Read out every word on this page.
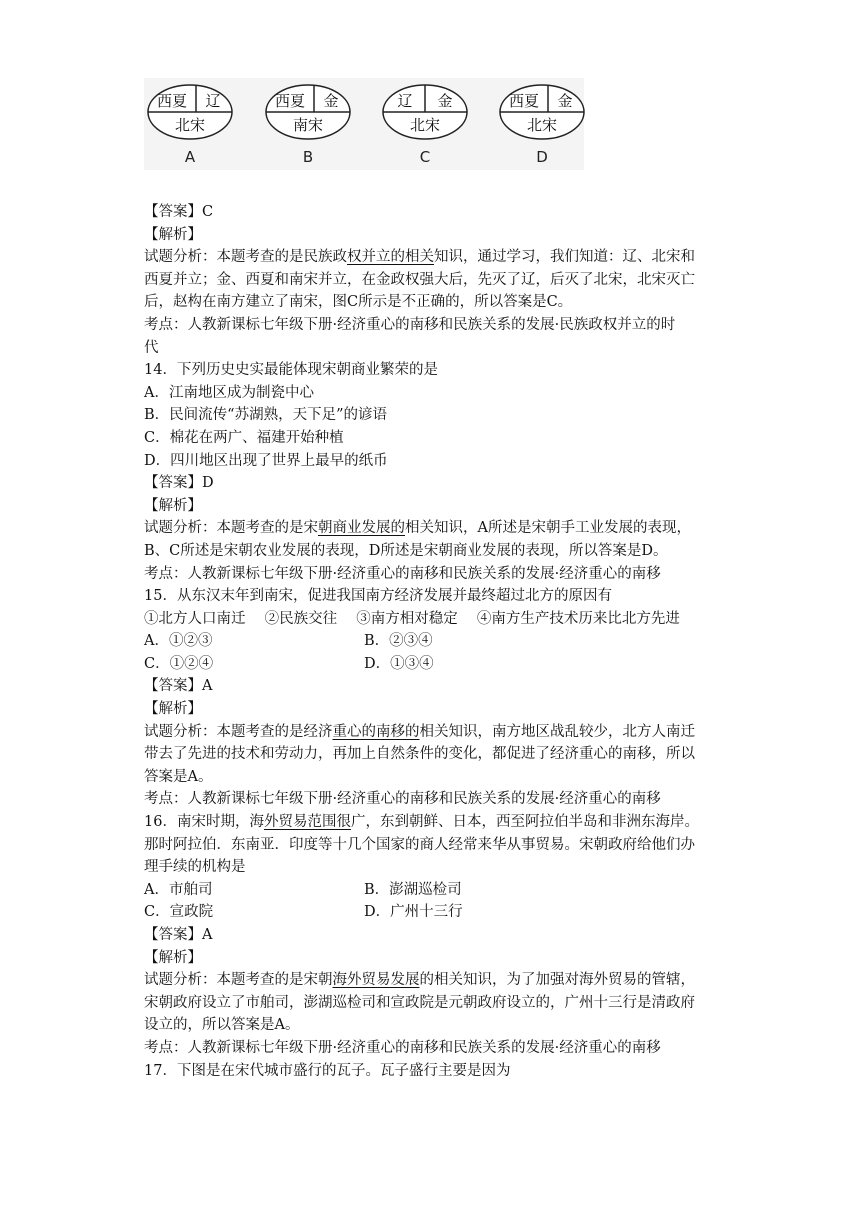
西夏 辽
北宋
A
西夏 金
南宋
B
辽 金
北宋
C
西夏 金
北宋
D
【答案】C
【解析】
试题分析：本题考查的是民族政权并立的相关知识，通过学习，我们知道：辽、北宋和
西夏并立；金、西夏和南宋并立，在金政权强大后，先灭了辽，后灭了北宋，北宋灭亡
后，赵构在南方建立了南宋，图C所示是不正确的，所以答案是C。
考点：人教新课标七年级下册·经济重心的南移和民族关系的发展·民族政权并立的时
代
14．下列历史史实最能体现宋朝商业繁荣的是
A．江南地区成为制瓷中心
B．民间流传“苏湖熟，天下足”的谚语
C．棉花在两广、福建开始种植
D．四川地区出现了世界上最早的纸币
【答案】D
【解析】
试题分析：本题考查的是宋朝商业发展的相关知识，A所述是宋朝手工业发展的表现，
B、C所述是宋朝农业发展的表现，D所述是宋朝商业发展的表现，所以答案是D。
考点：人教新课标七年级下册·经济重心的南移和民族关系的发展·经济重心的南移
15．从东汉末年到南宋，促进我国南方经济发展并最终超过北方的原因有
①北方人口南迁　 ②民族交往　 ③南方相对稳定　 ④南方生产技术历来比北方先进
A．①②③	B．②③④
C．①②④	D．①③④
【答案】A
【解析】
试题分析：本题考查的是经济重心的南移的相关知识，南方地区战乱较少，北方人南迁
带去了先进的技术和劳动力，再加上自然条件的变化，都促进了经济重心的南移，所以
答案是A。
考点：人教新课标七年级下册·经济重心的南移和民族关系的发展·经济重心的南移
16．南宋时期，海外贸易范围很广，东到朝鲜、日本，西至阿拉伯半岛和非洲东海岸。
那时阿拉伯．东南亚．印度等十几个国家的商人经常来华从事贸易。宋朝政府给他们办
理手续的机构是
A．市舶司	B．澎湖巡检司
C．宣政院	D．广州十三行
【答案】A
【解析】
试题分析：本题考查的是宋朝海外贸易发展的相关知识，为了加强对海外贸易的管辖，
宋朝政府设立了市舶司，澎湖巡检司和宣政院是元朝政府设立的，广州十三行是清政府
设立的，所以答案是A。
考点：人教新课标七年级下册·经济重心的南移和民族关系的发展·经济重心的南移
17．下图是在宋代城市盛行的瓦子。瓦子盛行主要是因为
